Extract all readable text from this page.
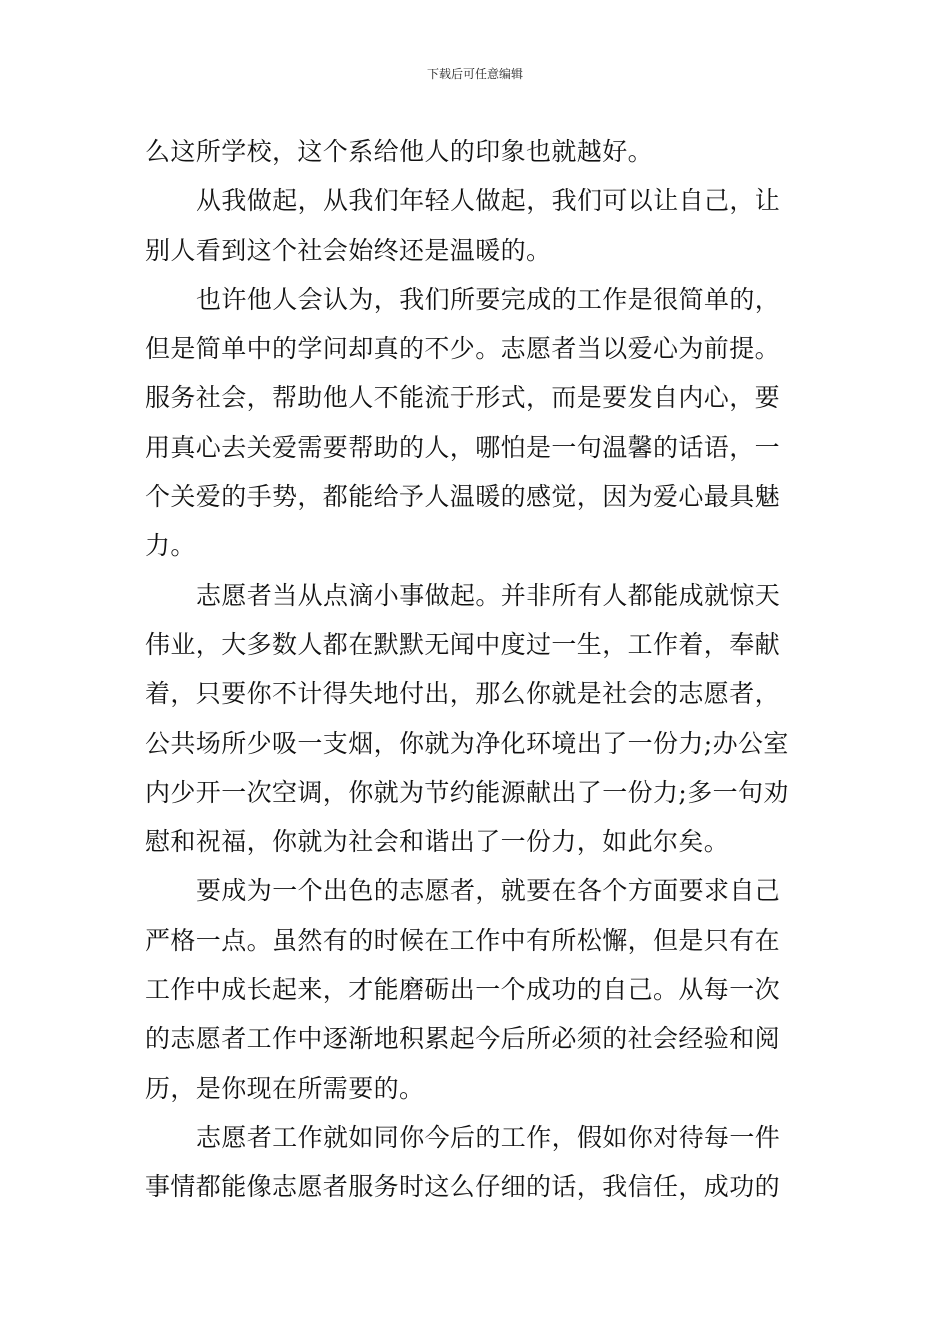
下载后可任意编辑
么这所学校，这个系给他人的印象也就越好。
从我做起，从我们年轻人做起，我们可以让自己，让
别人看到这个社会始终还是温暖的。
也许他人会认为，我们所要完成的工作是很简单的，
但是简单中的学问却真的不少。志愿者当以爱心为前提。
服务社会，帮助他人不能流于形式，而是要发自内心，要
用真心去关爱需要帮助的人，哪怕是一句温馨的话语，一
个关爱的手势，都能给予人温暖的感觉，因为爱心最具魅
力。
志愿者当从点滴小事做起。并非所有人都能成就惊天
伟业，大多数人都在默默无闻中度过一生，工作着，奉献
着，只要你不计得失地付出，那么你就是社会的志愿者，
公共场所少吸一支烟，你就为净化环境出了一份力;办公室
内少开一次空调，你就为节约能源献出了一份力;多一句劝
慰和祝福，你就为社会和谐出了一份力，如此尔矣。
要成为一个出色的志愿者，就要在各个方面要求自己
严格一点。虽然有的时候在工作中有所松懈，但是只有在
工作中成长起来，才能磨砺出一个成功的自己。从每一次
的志愿者工作中逐渐地积累起今后所必须的社会经验和阅
历，是你现在所需要的。
志愿者工作就如同你今后的工作，假如你对待每一件
事情都能像志愿者服务时这么仔细的话，我信任，成功的
